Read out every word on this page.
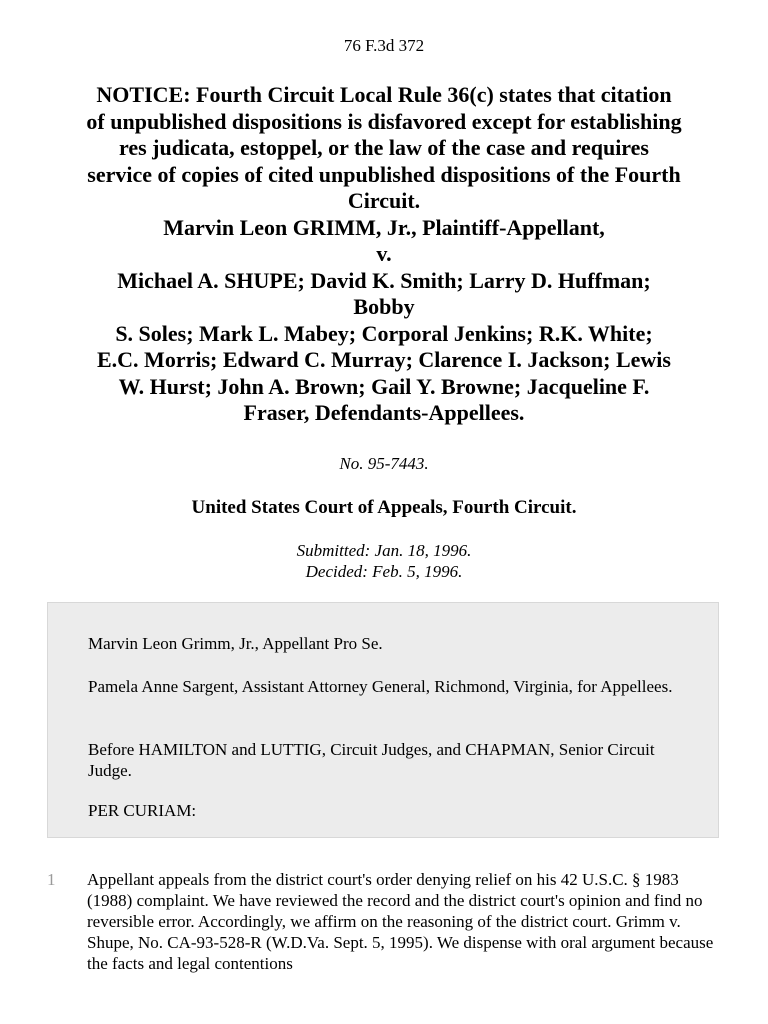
76 F.3d 372
NOTICE: Fourth Circuit Local Rule 36(c) states that citation
of unpublished dispositions is disfavored except for establishing
res judicata, estoppel, or the law of the case and requires
service of copies of cited unpublished dispositions of the Fourth
Circuit.
Marvin Leon GRIMM, Jr., Plaintiff-Appellant,
v.
Michael A. SHUPE; David K. Smith; Larry D. Huffman;
Bobby
S. Soles; Mark L. Mabey; Corporal Jenkins; R.K. White;
E.C. Morris; Edward C. Murray; Clarence I. Jackson; Lewis
W. Hurst; John A. Brown; Gail Y. Browne; Jacqueline F.
Fraser, Defendants-Appellees.
No. 95-7443.
United States Court of Appeals, Fourth Circuit.
Submitted: Jan. 18, 1996.
Decided: Feb. 5, 1996.

Marvin Leon Grimm, Jr., Appellant Pro Se.

Pamela Anne Sargent, Assistant Attorney General, Richmond, Virginia, for Appellees.

Before HAMILTON and LUTTIG, Circuit Judges, and CHAPMAN, Senior Circuit Judge.

PER CURIAM:

1 Appellant appeals from the district court's order denying relief on his 42 U.S.C. § 1983 (1988) complaint. We have reviewed the record and the district court's opinion and find no reversible error. Accordingly, we affirm on the reasoning of the district court. Grimm v. Shupe, No. CA-93-528-R (W.D.Va. Sept. 5, 1995). We dispense with oral argument because the facts and legal contentions
